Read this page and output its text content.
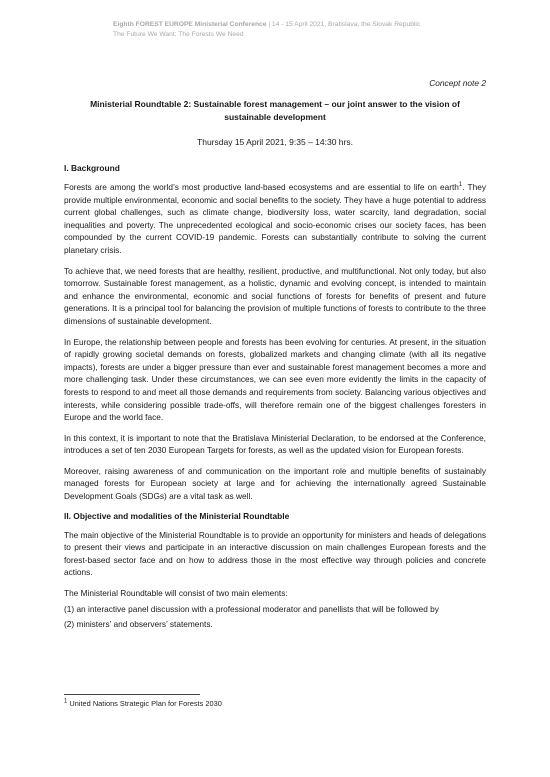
Eighth FOREST EUROPE Ministerial Conference | 14 - 15 April 2021, Bratislava, the Slovak Republic
The Future We Want: The Forests We Need
Concept note 2
Ministerial Roundtable 2: Sustainable forest management – our joint answer to the vision of sustainable development
Thursday 15 April 2021, 9:35 – 14:30 hrs.
I. Background

Forests are among the world’s most productive land-based ecosystems and are essential to life on earth$^1$. They provide multiple environmental, economic and social benefits to the society. They have a huge potential to address current global challenges, such as climate change, biodiversity loss, water scarcity, land degradation, social inequalities and poverty. The unprecedented ecological and socio-economic crises our society faces, has been compounded by the current COVID-19 pandemic. Forests can substantially contribute to solving the current planetary crisis.

To achieve that, we need forests that are healthy, resilient, productive, and multifunctional. Not only today, but also tomorrow. Sustainable forest management, as a holistic, dynamic and evolving concept, is intended to maintain and enhance the environmental, economic and social functions of forests for benefits of present and future generations. It is a principal tool for balancing the provision of multiple functions of forests to contribute to the three dimensions of sustainable development.

In Europe, the relationship between people and forests has been evolving for centuries. At present, in the situation of rapidly growing societal demands on forests, globalized markets and changing climate (with all its negative impacts), forests are under a bigger pressure than ever and sustainable forest management becomes a more and more challenging task. Under these circumstances, we can see even more evidently the limits in the capacity of forests to respond to and meet all those demands and requirements from society. Balancing various objectives and interests, while considering possible trade-offs, will therefore remain one of the biggest challenges foresters in Europe and the world face.

In this context, it is important to note that the Bratislava Ministerial Declaration, to be endorsed at the Conference, introduces a set of ten 2030 European Targets for forests, as well as the updated vision for European forests.

Moreover, raising awareness of and communication on the important role and multiple benefits of sustainably managed forests for European society at large and for achieving the internationally agreed Sustainable Development Goals (SDGs) are a vital task as well.

II. Objective and modalities of the Ministerial Roundtable

The main objective of the Ministerial Roundtable is to provide an opportunity for ministers and heads of delegations to present their views and participate in an interactive discussion on main challenges European forests and the forest-based sector face and on how to address those in the most effective way through policies and concrete actions.

The Ministerial Roundtable will consist of two main elements:

(1) an interactive panel discussion with a professional moderator and panellists that will be followed by

(2) ministers’ and observers’ statements.

$^1$ United Nations Strategic Plan for Forests 2030
